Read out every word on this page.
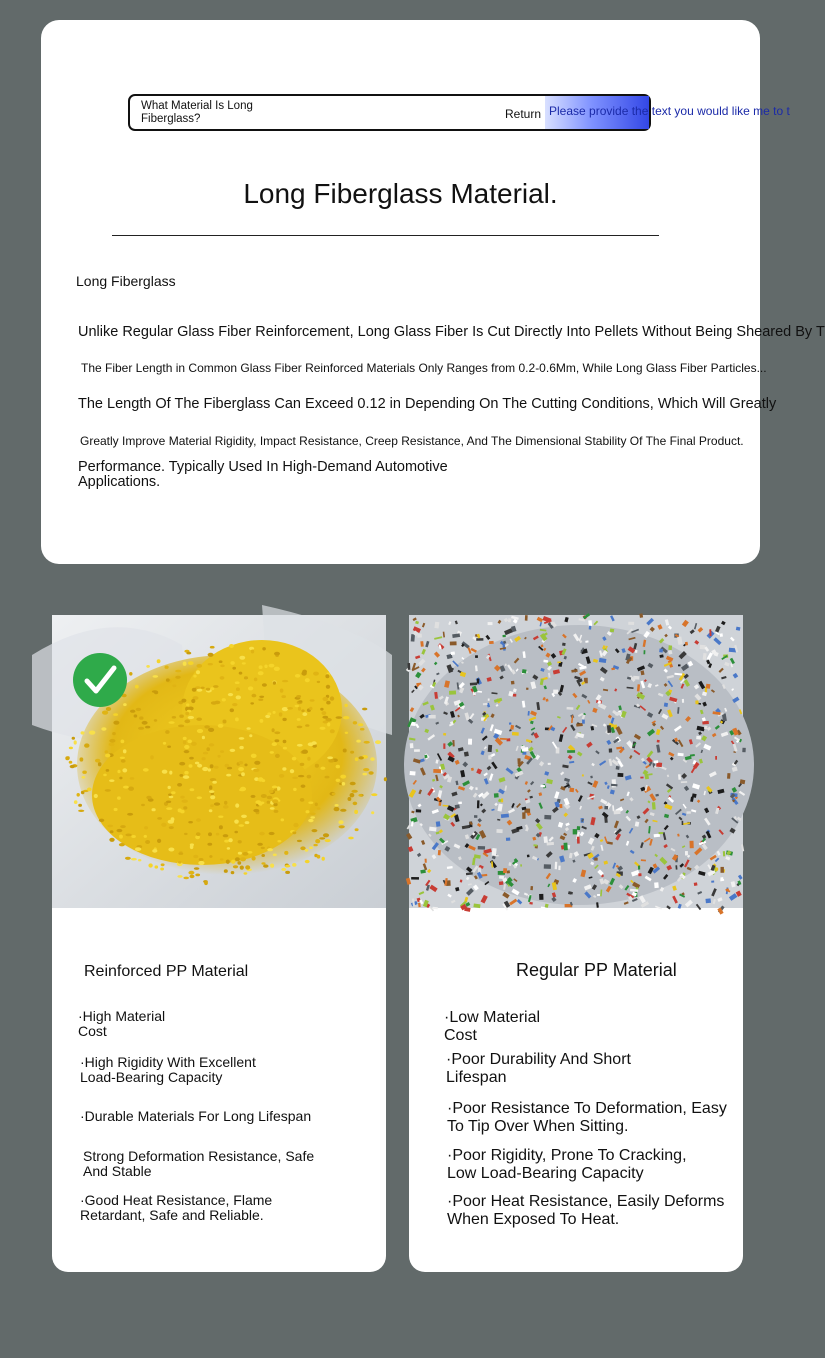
What Material Is Long Fiberglass?	Return Please provide the text you would like me to t
Long Fiberglass Material.
Long Fiberglass
Unlike Regular Glass Fiber Reinforcement, Long Glass Fiber Is Cut Directly Into Pellets Without Being Sheared By T
The Fiber Length in Common Glass Fiber Reinforced Materials Only Ranges from 0.2-0.6Mm, While Long Glass Fiber Particles...
The Length Of The Fiberglass Can Exceed 0.12 in Depending On The Cutting Conditions, Which Will Greatly
Greatly Improve Material Rigidity, Impact Resistance, Creep Resistance, And The Dimensional Stability Of The Final Product.
Performance. Typically Used In High-Demand Automotive Applications.
Reinforced PP Material
·High Material Cost
·High Rigidity With Excellent Load-Bearing Capacity
·Durable Materials For Long Lifespan
Strong Deformation Resistance, Safe And Stable
·Good Heat Resistance, Flame Retardant, Safe and Reliable.
Regular PP Material
·Low Material Cost
·Poor Durability And Short Lifespan
·Poor Resistance To Deformation, Easy To Tip Over When Sitting.
·Poor Rigidity, Prone To Cracking, Low Load-Bearing Capacity
·Poor Heat Resistance, Easily Deforms When Exposed To Heat.
